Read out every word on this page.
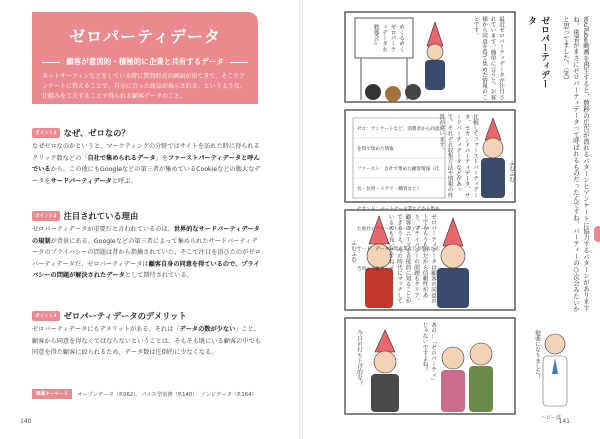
ゼロパーティデータ
顧客が意図的・積極的に企業と共有するデータ
ネットサーフィンなどをしている時に質問形式の画面が出てきて、そこでアンケートに答えることで、自分に合った商品が表示される。というような、仕組みを工夫することで得られる顧客データのこと。
ポイント1 なぜ、ゼロなの？
なぜゼロなのかというと、マーケティングの分野ではサイトを訪れた時に得られるクリック数などの「自社で集められるデータ」をファーストパーティデータと呼んでいるから。この他にもGoogleなどの第三者が集めているCookieなどの膨大なデータをサードパーティデータと呼ぶ。
ポイント2 注目されている理由
ゼロパーティデータが重要だと言われているのは、世界的なサードパーティデータの規制が背景にある。Googleなどの第三者によって集められたサードパーティデータのプライバシーの問題は昔から指摘されていた。そこで注目を浴びたのがゼロパーティデータだ。ゼロパーティデータは顧客自身の同意を得ているので、プライバシーの問題が解決されたデータとして期待されている。
ポイント3 ゼロパーティデータのデメリット
ゼロパーティデータにもデメリットがある。それは「データの数が少ない」こと。顧客から同意を得なくてはならないということは、そもそも既にいる顧客の中でも同意を得た顧客に絞られるため、データ数は圧倒的に少なくなる。
関連キーワード	オープンデータ（P.062）、パルス型消費（P.140）、ゾンビデータ（P.164）
140
ゼロパーティデータ	YouTube動画を再生すると、数秒の広告が流れるパターンとアンケートに協力するパターンがありますね。後者がまさにゼロパーティデータって呼ばれるものだったんですね。パーティーの○次会みたいかと思ってました。（笑）
めくるめくゼロパーティデータお勉強会☆	最近ゼロパーティデータが注目されています。簡単に言うと、お客様から同意を得て集めた情報のことです。
ゼロ：アンケートなど、消費者から同意を得て集めた情報
ファースト：自社で集めた顧客情報（氏名・住所・メアド・購買など）
セカンド：パートナー企業などから集めた他社のファーストパーティデータ
サード：データ収集企業などが集めた広告用の大量データ
比較してファーストパーティデータ、セカンドパーティデータ、サードパーティデータなどがあって、それぞれ収集方法や情報の性質が違います。
ふむふむ
ゼロパーティデータは顧客の同意の上でもらうものだから信頼性があり、プライバシーの問題もクリア。顧客のニーズを直接的に知ることができるうえ、今の時代にマッチしているのも良いですね。
ふむふむ
あの…「ゼロパーティ」じゃないですよね？
今日の打ち上げ的な？	勉強になりました！
ヘビー部
141
